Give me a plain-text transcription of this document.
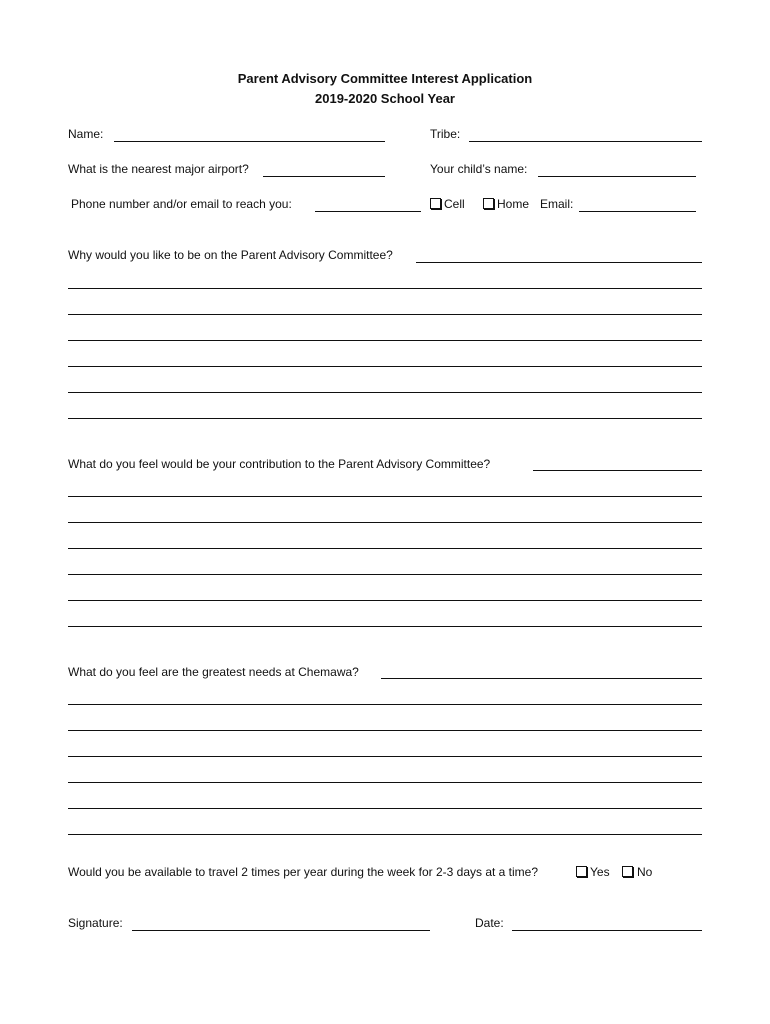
Parent Advisory Committee Interest Application
2019-2020 School Year
Name:	Tribe:
What is the nearest major airport?	Your child’s name:
Phone number and/or email to reach you:	Cell	Home Email:
Why would you like to be on the Parent Advisory Committee?
What do you feel would be your contribution to the Parent Advisory Committee?
What do you feel are the greatest needs at Chemawa?
Would you be available to travel 2 times per year during the week for 2-3 days at a time?	Yes No
Signature:	Date:
